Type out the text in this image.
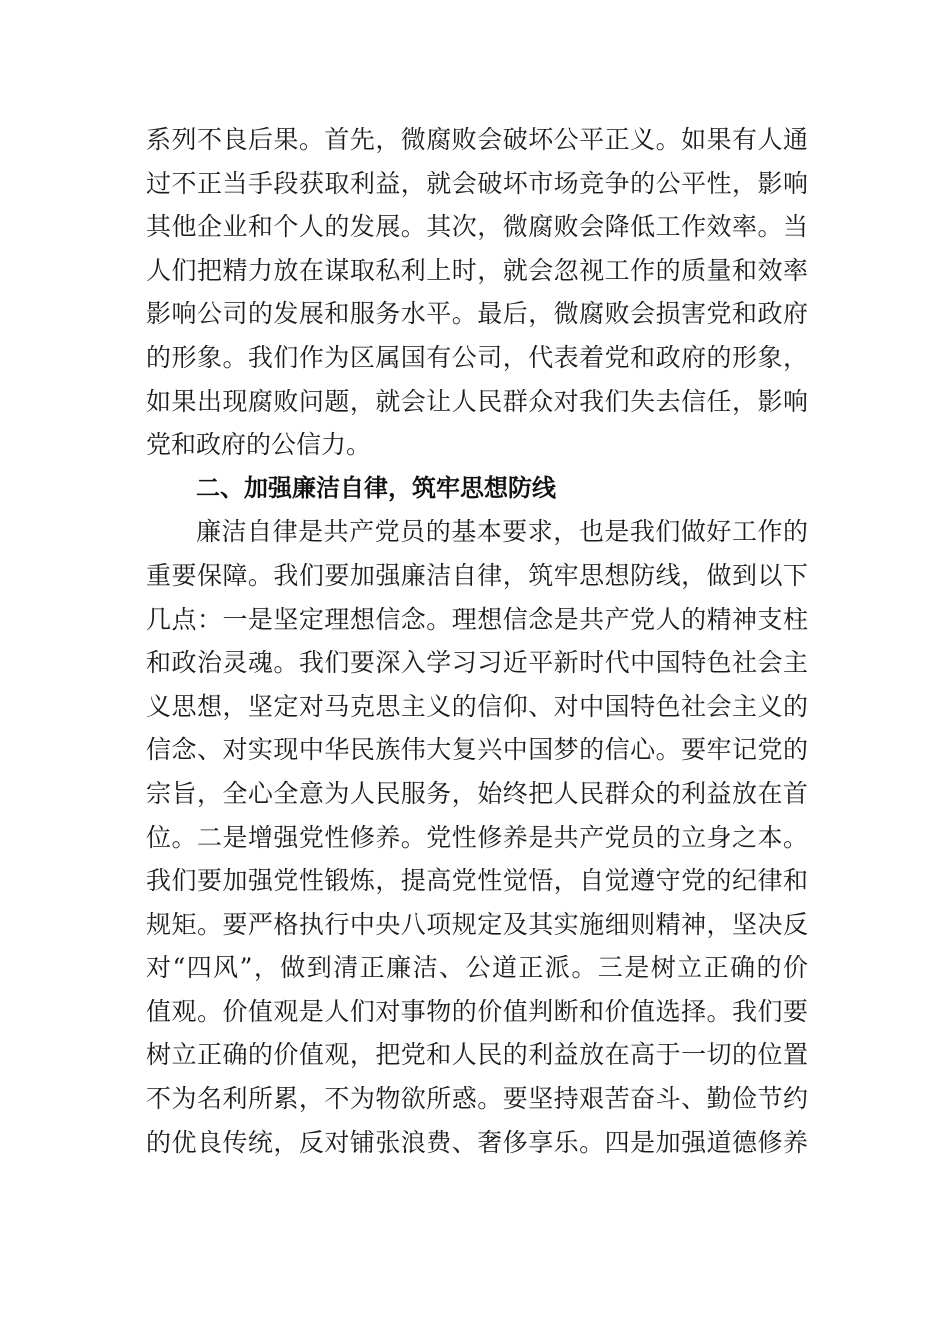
系列不良后果。首先，微腐败会破坏公平正义。如果有人通
过不正当手段获取利益，就会破坏市场竞争的公平性，影响
其他企业和个人的发展。其次，微腐败会降低工作效率。当
人们把精力放在谋取私利上时，就会忽视工作的质量和效率
影响公司的发展和服务水平。最后，微腐败会损害党和政府
的形象。我们作为区属国有公司，代表着党和政府的形象，
如果出现腐败问题，就会让人民群众对我们失去信任，影响
党和政府的公信力。
二、加强廉洁自律，筑牢思想防线
廉洁自律是共产党员的基本要求，也是我们做好工作的
重要保障。我们要加强廉洁自律，筑牢思想防线，做到以下
几点：一是坚定理想信念。理想信念是共产党人的精神支柱
和政治灵魂。我们要深入学习习近平新时代中国特色社会主
义思想，坚定对马克思主义的信仰、对中国特色社会主义的
信念、对实现中华民族伟大复兴中国梦的信心。要牢记党的
宗旨，全心全意为人民服务，始终把人民群众的利益放在首
位。二是增强党性修养。党性修养是共产党员的立身之本。
我们要加强党性锻炼，提高党性觉悟，自觉遵守党的纪律和
规矩。要严格执行中央八项规定及其实施细则精神，坚决反
对“四风”，做到清正廉洁、公道正派。三是树立正确的价
值观。价值观是人们对事物的价值判断和价值选择。我们要
树立正确的价值观，把党和人民的利益放在高于一切的位置
不为名利所累，不为物欲所惑。要坚持艰苦奋斗、勤俭节约
的优良传统，反对铺张浪费、奢侈享乐。四是加强道德修养
